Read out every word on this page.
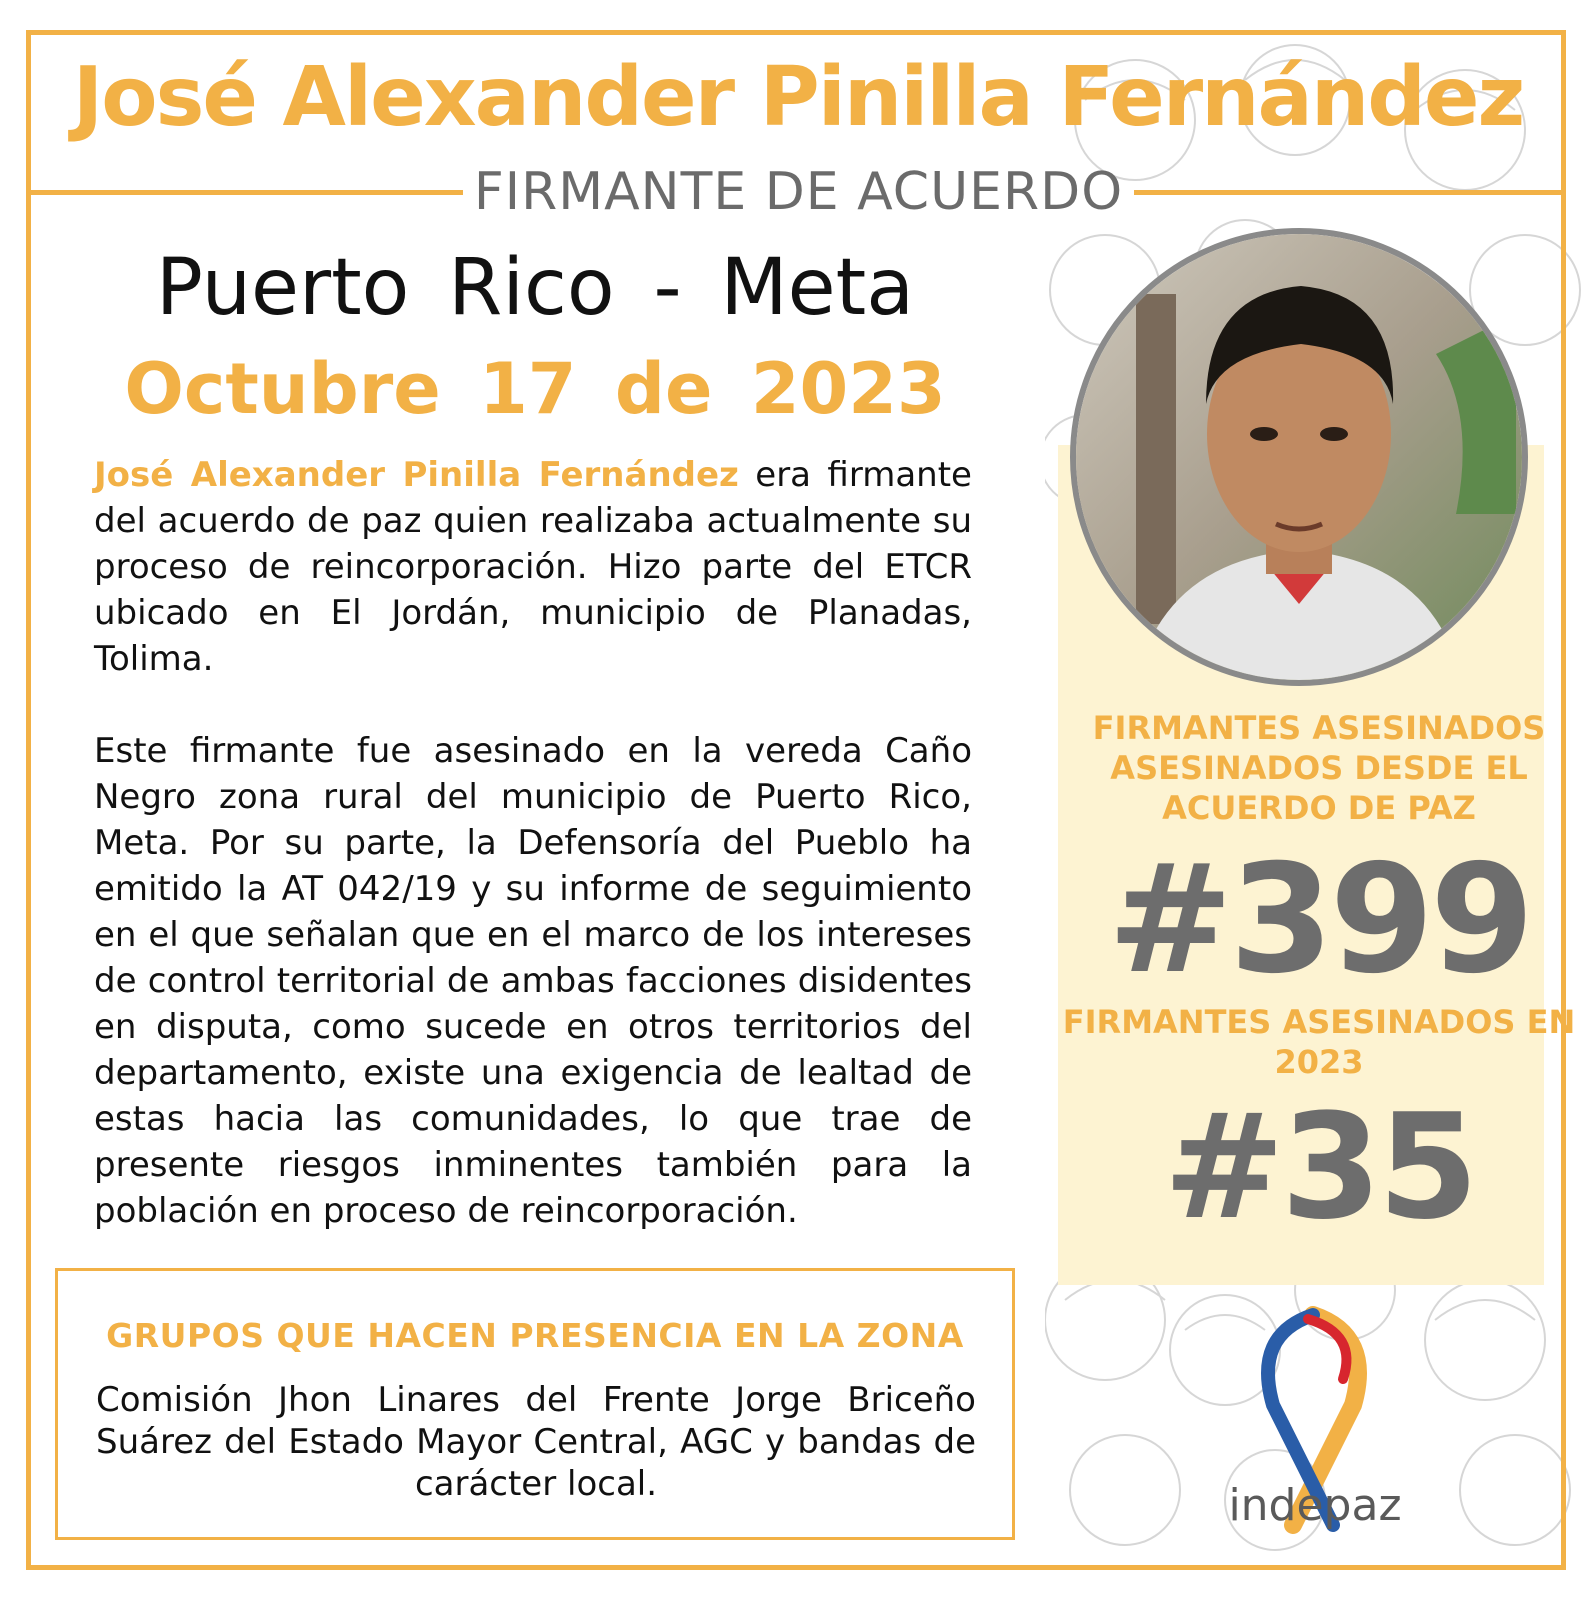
José Alexander Pinilla Fernández
FIRMANTE DE ACUERDO
Puerto Rico - Meta
Octubre 17 de 2023
José Alexander Pinilla Fernández era firmante del acuerdo de paz quien realizaba actualmente su proceso de reincorporación. Hizo parte del ETCR ubicado en El Jordán, municipio de Planadas, Tolima.
Este firmante fue asesinado en la vereda Caño Negro zona rural del municipio de Puerto Rico, Meta. Por su parte, la Defensoría del Pueblo ha emitido la AT 042/19 y su informe de seguimiento en el que señalan que en el marco de los intereses de control territorial de ambas facciones disidentes en disputa, como sucede en otros territorios del departamento, existe una exigencia de lealtad de estas hacia las comunidades, lo que trae de presente riesgos inminentes también para la población en proceso de reincorporación.
GRUPOS QUE HACEN PRESENCIA EN LA ZONA
Comisión Jhon Linares del Frente Jorge Briceño Suárez del Estado Mayor Central, AGC y bandas de carácter local.
FIRMANTES ASESINADOS ASESINADOS DESDE EL ACUERDO DE PAZ
#399
FIRMANTES ASESINADOS EN 2023
#35
indepaz
